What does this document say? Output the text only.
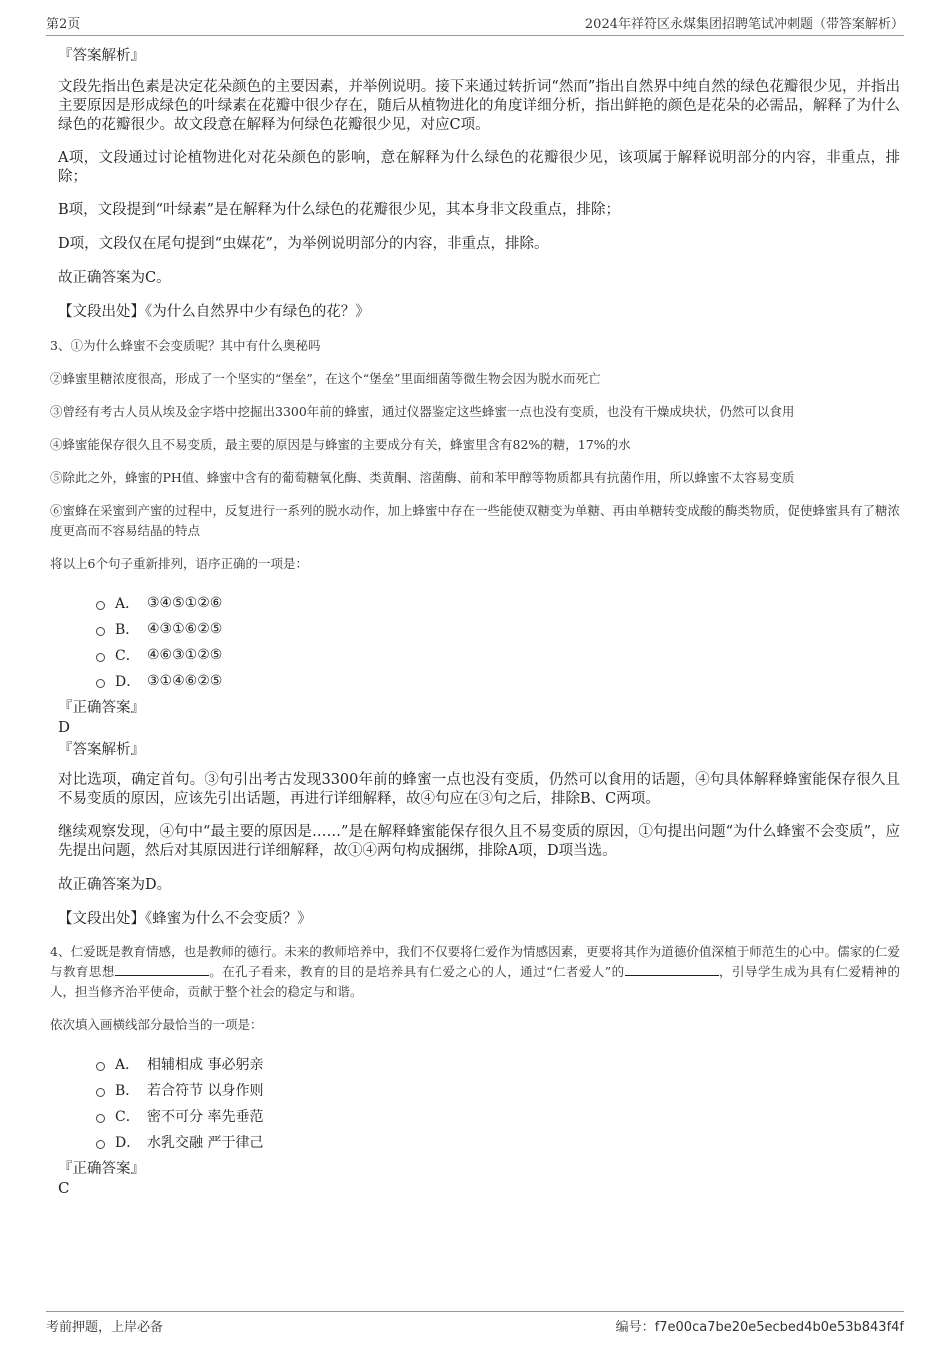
第2页	2024年祥符区永煤集团招聘笔试冲刺题（带答案解析）
『答案解析』

文段先指出色素是决定花朵颜色的主要因素，并举例说明。接下来通过转折词“然而”指出自然界中纯自然的绿色花瓣很少见，并指出主要原因是形成绿色的叶绿素在花瓣中很少存在，随后从植物进化的角度详细分析，指出鲜艳的颜色是花朵的必需品，解释了为什么绿色的花瓣很少。故文段意在解释为何绿色花瓣很少见，对应C项。

A项，文段通过讨论植物进化对花朵颜色的影响，意在解释为什么绿色的花瓣很少见，该项属于解释说明部分的内容，非重点，排除；

B项，文段提到“叶绿素”是在解释为什么绿色的花瓣很少见，其本身非文段重点，排除；

D项，文段仅在尾句提到“虫媒花”，为举例说明部分的内容，非重点，排除。

故正确答案为C。

【文段出处】《为什么自然界中少有绿色的花？》

3、①为什么蜂蜜不会变质呢？其中有什么奥秘吗

②蜂蜜里糖浓度很高，形成了一个坚实的“堡垒”，在这个“堡垒”里面细菌等微生物会因为脱水而死亡

③曾经有考古人员从埃及金字塔中挖掘出3300年前的蜂蜜，通过仪器鉴定这些蜂蜜一点也没有变质，也没有干燥成块状，仍然可以食用

④蜂蜜能保存很久且不易变质，最主要的原因是与蜂蜜的主要成分有关，蜂蜜里含有82%的糖，17%的水

⑤除此之外，蜂蜜的PH值、蜂蜜中含有的葡萄糖氧化酶、类黄酮、溶菌酶、前和苯甲醇等物质都具有抗菌作用，所以蜂蜜不太容易变质

⑥蜜蜂在采蜜到产蜜的过程中，反复进行一系列的脱水动作，加上蜂蜜中存在一些能使双糖变为单糖、再由单糖转变成酸的酶类物质，促使蜂蜜具有了糖浓度更高而不容易结晶的特点

将以上6个句子重新排列，语序正确的一项是：

A． ③④⑤①②⑥
B． ④③①⑥②⑤
C． ④⑥③①②⑤
D． ③①④⑥②⑤
『正确答案』
D
『答案解析』

对比选项，确定首句。③句引出考古发现3300年前的蜂蜜一点也没有变质，仍然可以食用的话题，④句具体解释蜂蜜能保存很久且不易变质的原因，应该先引出话题，再进行详细解释，故④句应在③句之后，排除B、C两项。

继续观察发现，④句中“最主要的原因是……”是在解释蜂蜜能保存很久且不易变质的原因，①句提出问题“为什么蜂蜜不会变质”，应先提出问题，然后对其原因进行详细解释，故①④两句构成捆绑，排除A项，D项当选。

故正确答案为D。

【文段出处】《蜂蜜为什么不会变质？》

4、仁爱既是教育情感，也是教师的德行。未来的教师培养中，我们不仅要将仁爱作为情感因素，更要将其作为道德价值深植于师范生的心中。儒家的仁爱与教育思想	。在孔子看来，教育的目的是培养具有仁爱之心的人，通过“仁者爱人”的	，引导学生成为具有仁爱精神的人，担当修齐治平使命，贡献于整个社会的稳定与和谐。

依次填入画横线部分最恰当的一项是：

A． 相辅相成 事必躬亲
B． 若合符节 以身作则
C． 密不可分 率先垂范
D． 水乳交融 严于律己
『正确答案』
C
考前押题，上岸必备	编号：f7e00ca7be20e5ecbed4b0e53b843f4f
